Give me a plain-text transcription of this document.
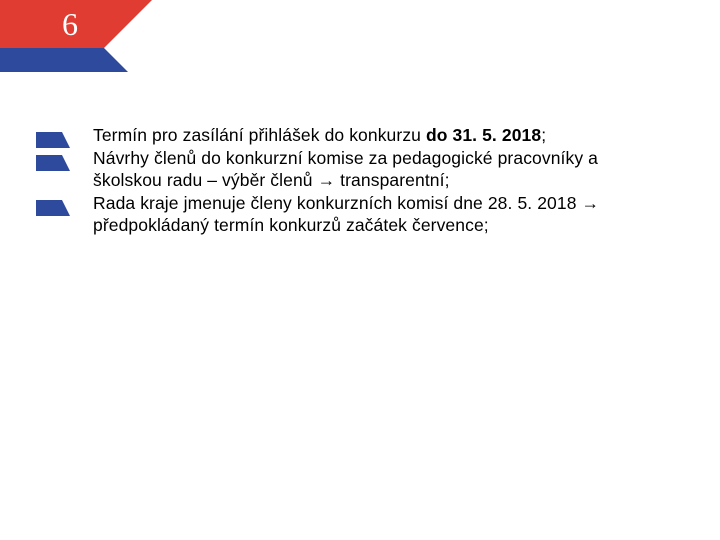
6
Termín pro zasílání přihlášek do konkurzu do 31. 5. 2018;
Návrhy členů do konkurzní komise za pedagogické pracovníky a
školskou radu – výběr členů → transparentní;
Rada kraje jmenuje členy konkurzních komisí dne 28. 5. 2018 →
předpokládaný termín konkurzů začátek července;
